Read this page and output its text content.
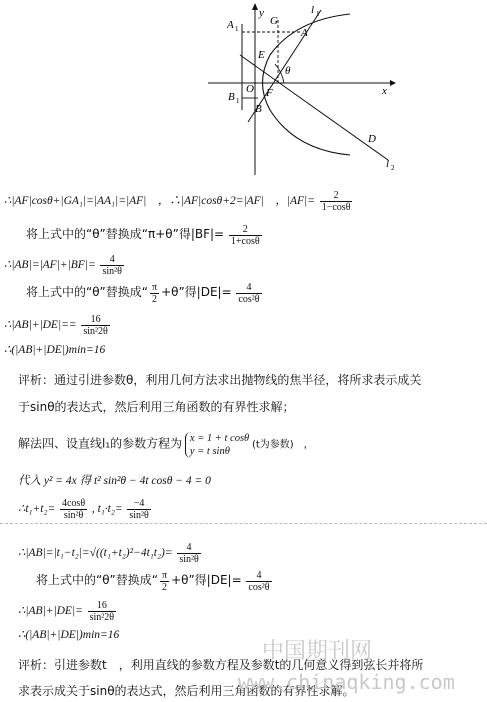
A 1
y
G
l 1
A
E
θ
O F	x
B 1
B
D
l 2
∴|AF|cosθ+|GA₁|=|AA₁|=|AF|　，∴|AF|cosθ+2=|AF|　，$|AF|= \frac{2}{1-\cos\theta}$
将上式中的“θ”替换成“π+θ”得$|BF|= \frac{2}{1+\cos\theta}$
∴|AB|=|AF|+|BF|= $\frac{4}{\text{sin²θ}}$
将上式中的“θ”替换成“ $\frac{\pi}{2} +\theta$”得$|DE|= \frac{4}{\text{cos²θ}}$
∴|AB|+|DE|== $\frac{16}{\text{sin²2θ}}$
∴(|AB|+|DE|)min=16
评析：通过引进参数θ，利用几何方法求出抛物线的焦半径，将所求表示成关
于sinθ的表达式，然后利用三角函数的有界性求解；
解法四、设直线l₁的参数方程为 x = 1 + t cosθ
y = t sinθ
(t为参数)　，
代入 y² = 4x 得 t² sin²θ − 4t cosθ − 4 = 0
∴t₁+t₂= $\frac{4\cos\theta}{\text{sin²θ}}$ , $t_1\cdot t_2= \frac{-4}{\text{sin²θ}}$
∴|AB|=|t₁−t₂|=√((t₁+t₂)²−4t₁t₂)= $\frac{4}{\text{sin²θ}}$
将上式中的“θ”替换成“ $\frac{\pi}{2} +\theta$”得$|DE|= \frac{4}{\text{cos²θ}}$
∴|AB|+|DE|= $\frac{16}{\text{sin²2θ}}$
∴(|AB|+|DE|)min=16
评析：引进参数t　，利用直线的参数方程及参数t的几何意义得到弦长并将所
求表示成关于sinθ的表达式，然后利用三角函数的有界性求解。
中国期刊网
www.chinaqking.com
